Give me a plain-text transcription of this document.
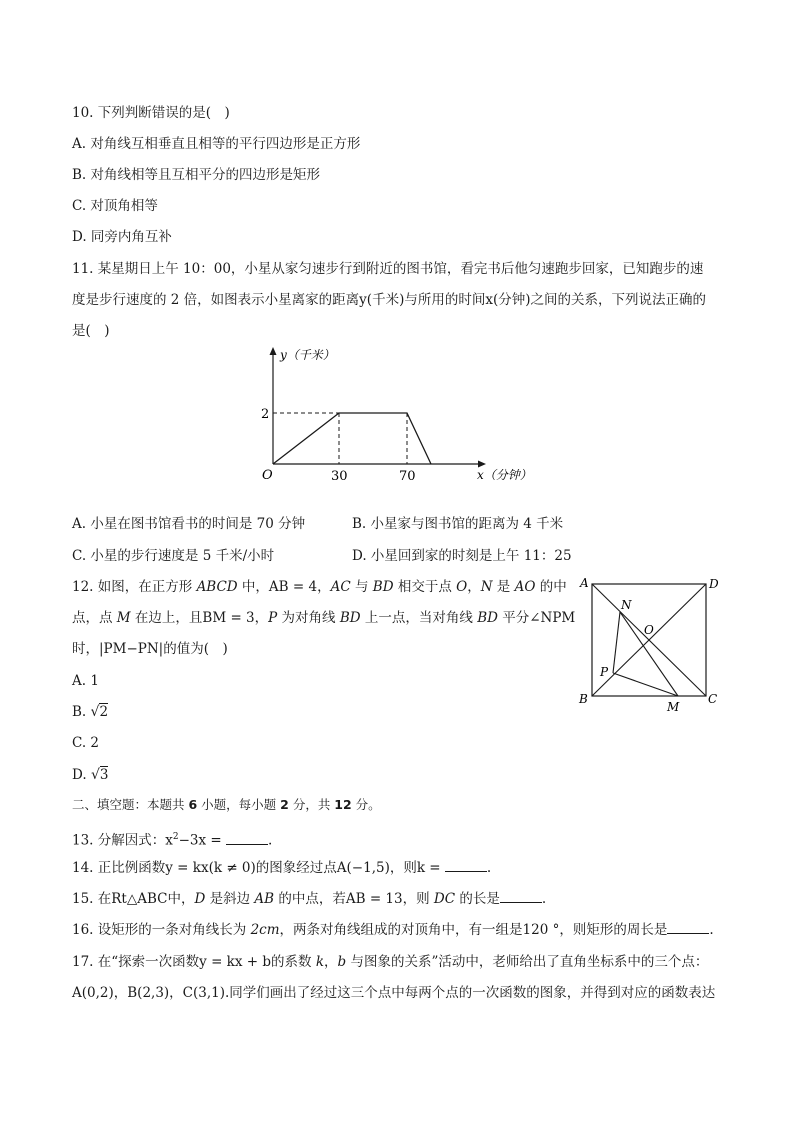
10. 下列判断错误的是(　)
A. 对角线互相垂直且相等的平行四边形是正方形
B. 对角线相等且互相平分的四边形是矩形
C. 对顶角相等
D. 同旁内角互补
11. 某星期日上午 10：00，小星从家匀速步行到附近的图书馆，看完书后他匀速跑步回家，已知跑步的速
度是步行速度的 2 倍，如图表示小星离家的距离y(千米)与所用的时间x(分钟)之间的关系，下列说法正确的
是(　)
y（千米）
x（分钟）
O
2
30	70
A. 小星在图书馆看书的时间是 70 分钟	B. 小星家与图书馆的距离为 4 千米
C. 小星的步行速度是 5 千米/小时	D. 小星回到家的时刻是上午 11：25
12. 如图，在正方形 ABCD 中，AB = 4，AC 与 BD 相交于点 O，N 是 AO 的中
点，点 M 在边上，且BM = 3，P 为对角线 BD 上一点，当对角线 BD 平分∠NPM
时，|PM−PN|的值为(　)
A. 1
B. √2
C. 2
D. √3
A	D
B	C
N
O
P
M
二、填空题：本题共 6 小题，每小题 2 分，共 12 分。
13. 分解因式：$x^2-3x$ =	.
14. 正比例函数y = kx(k ≠ 0)的图象经过点A(−1,5)，则k =	.
15. 在Rt△ABC中，D 是斜边 AB 的中点，若AB = 13，则 DC 的长是	.
16. 设矩形的一条对角线长为 2cm，两条对角线组成的对顶角中，有一组是120 °，则矩形的周长是	.
17. 在“探索一次函数y = kx + b的系数 k，b 与图象的关系”活动中，老师给出了直角坐标系中的三个点：
A(0,2)，B(2,3)，C(3,1).同学们画出了经过这三个点中每两个点的一次函数的图象，并得到对应的函数表达
